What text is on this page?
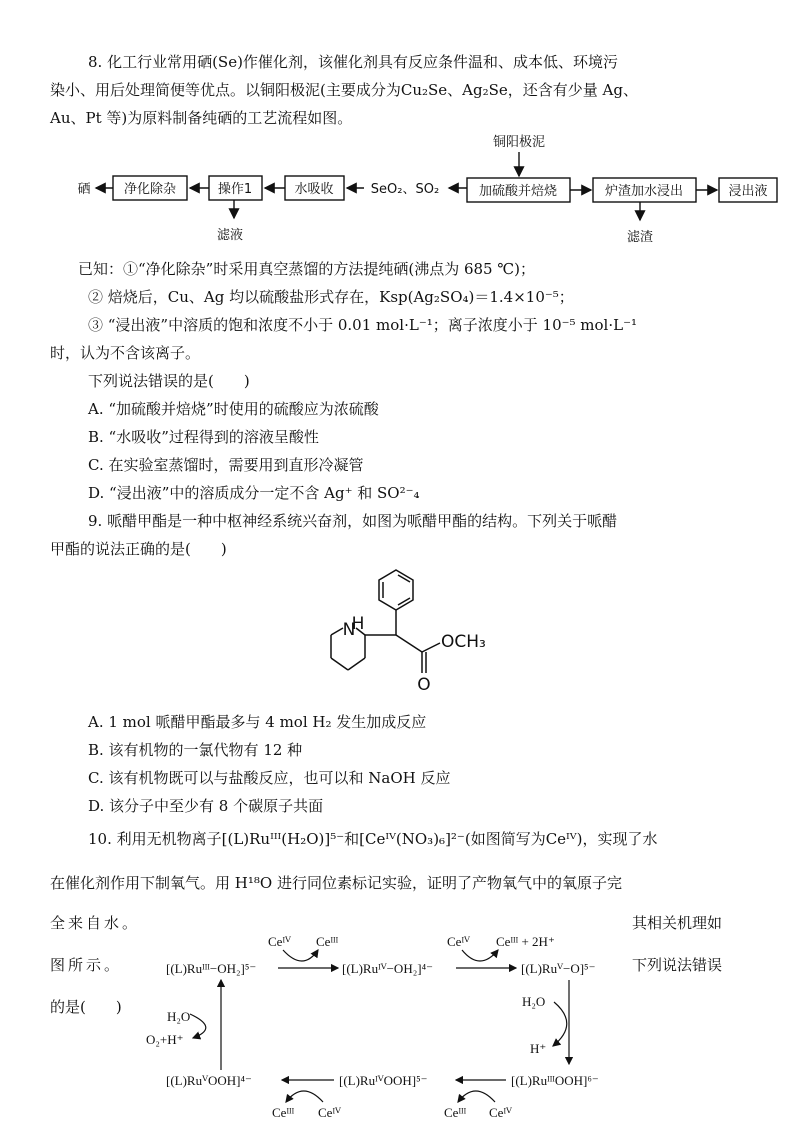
8. 化工行业常用硒(Se)作催化剂，该催化剂具有反应条件温和、成本低、环境污
染小、用后处理简便等优点。以铜阳极泥(主要成分为Cu₂Se、Ag₂Se，还含有少量 Ag、
Au、Pt 等)为原料制备纯硒的工艺流程如图。
铜阳极泥
硒	净化除杂	操作1
滤液
水吸收	SeO₂、SO₂	加硫酸并焙烧	炉渣加水浸出
滤渣
浸出液
已知：①“净化除杂”时采用真空蒸馏的方法提纯硒(沸点为 685 ℃)；
② 焙烧后，Cu、Ag 均以硫酸盐形式存在，Ksp(Ag₂SO₄)＝1.4×10⁻⁵；
③ “浸出液”中溶质的饱和浓度不小于 0.01 mol·L⁻¹；离子浓度小于 10⁻⁵ mol·L⁻¹
时，认为不含该离子。
下列说法错误的是(　　)
A. “加硫酸并焙烧”时使用的硫酸应为浓硫酸
B. “水吸收”过程得到的溶液呈酸性
C. 在实验室蒸馏时，需要用到直形冷凝管
D. “浸出液”中的溶质成分一定不含 Ag⁺ 和 SO²⁻₄
9. 哌醋甲酯是一种中枢神经系统兴奋剂，如图为哌醋甲酯的结构。下列关于哌醋
甲酯的说法正确的是(　　)
H
N
OCH₃
O
A. 1 mol 哌醋甲酯最多与 4 mol H₂ 发生加成反应
B. 该有机物的一氯代物有 12 种
C. 该有机物既可以与盐酸反应，也可以和 NaOH 反应
D. 该分子中至少有 8 个碳原子共面
10. 利用无机物离子[(L)Ruᴵᴵᴵ(H₂O)]⁵⁻和[Ceᴵⱽ(NO₃)₆]²⁻(如图简写为Ceᴵⱽ)，实现了水
在催化剂作用下制氧气。用 H¹⁸O 进行同位素标记实验，证明了产物氧气中的氧原子完
全来自水。	其相关机理如
图所示。	下列说法错误
的是(　　)
[(L)Ruᴵᴵᴵ−OH₂]⁵⁻	[(L)Ruᴵⱽ−OH₂]⁴⁻	[(L)Ruⱽ−O]⁵⁻
Ceᴵⱽ Ceᴵᴵᴵ	Ceᴵⱽ Ceᴵᴵᴵ + 2H⁺
H₂O
H⁺
[(L)RuᴵᴵᴵOOH]⁶⁻
[(L)RuᴵⱽOOH]⁵⁻
[(L)RuⱽOOH]⁴⁻
Ceᴵᴵᴵ Ceᴵⱽ
Ceᴵᴵᴵ Ceᴵⱽ
H₂O
O₂+H⁺
